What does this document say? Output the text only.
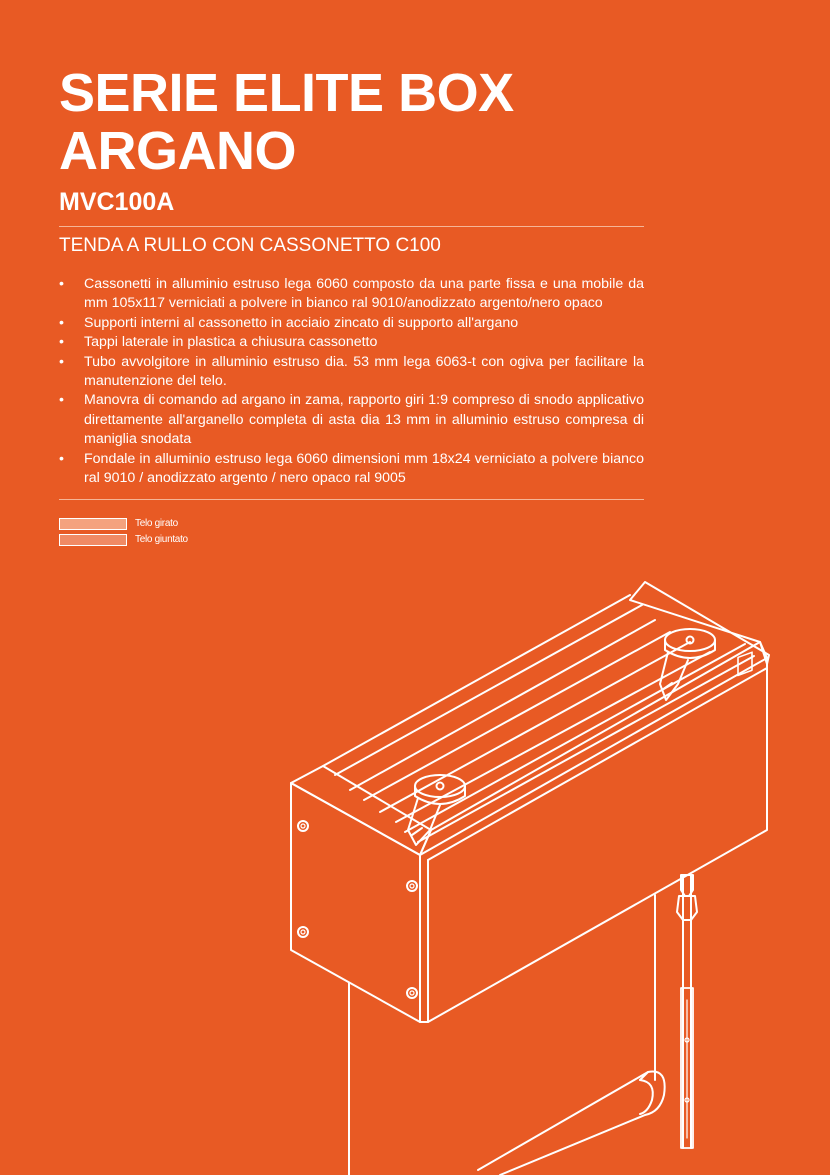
SERIE ELITE BOX
ARGANO
MVC100A
TENDA A RULLO CON CASSONETTO C100
• Cassonetti in alluminio estruso lega 6060 composto da una parte fissa e una mobile da mm 105x117 verniciati a polvere in bianco ral 9010/anodizzato argento/nero opaco
• Supporti interni al cassonetto in acciaio zincato di supporto all'argano
• Tappi laterale in plastica a chiusura cassonetto
• Tubo avvolgitore in alluminio estruso dia. 53 mm lega 6063-t con ogiva per facilitare la manutenzione del telo.
• Manovra di comando ad argano in zama, rapporto giri 1:9 compreso di snodo applicativo direttamente all'arganello completa di asta dia 13 mm in alluminio estruso compresa di maniglia snodata
• Fondale in alluminio estruso lega 6060 dimensioni mm 18x24 verniciato a polvere bianco ral 9010 / anodizzato argento / nero opaco ral 9005
Telo girato
Telo giuntato
